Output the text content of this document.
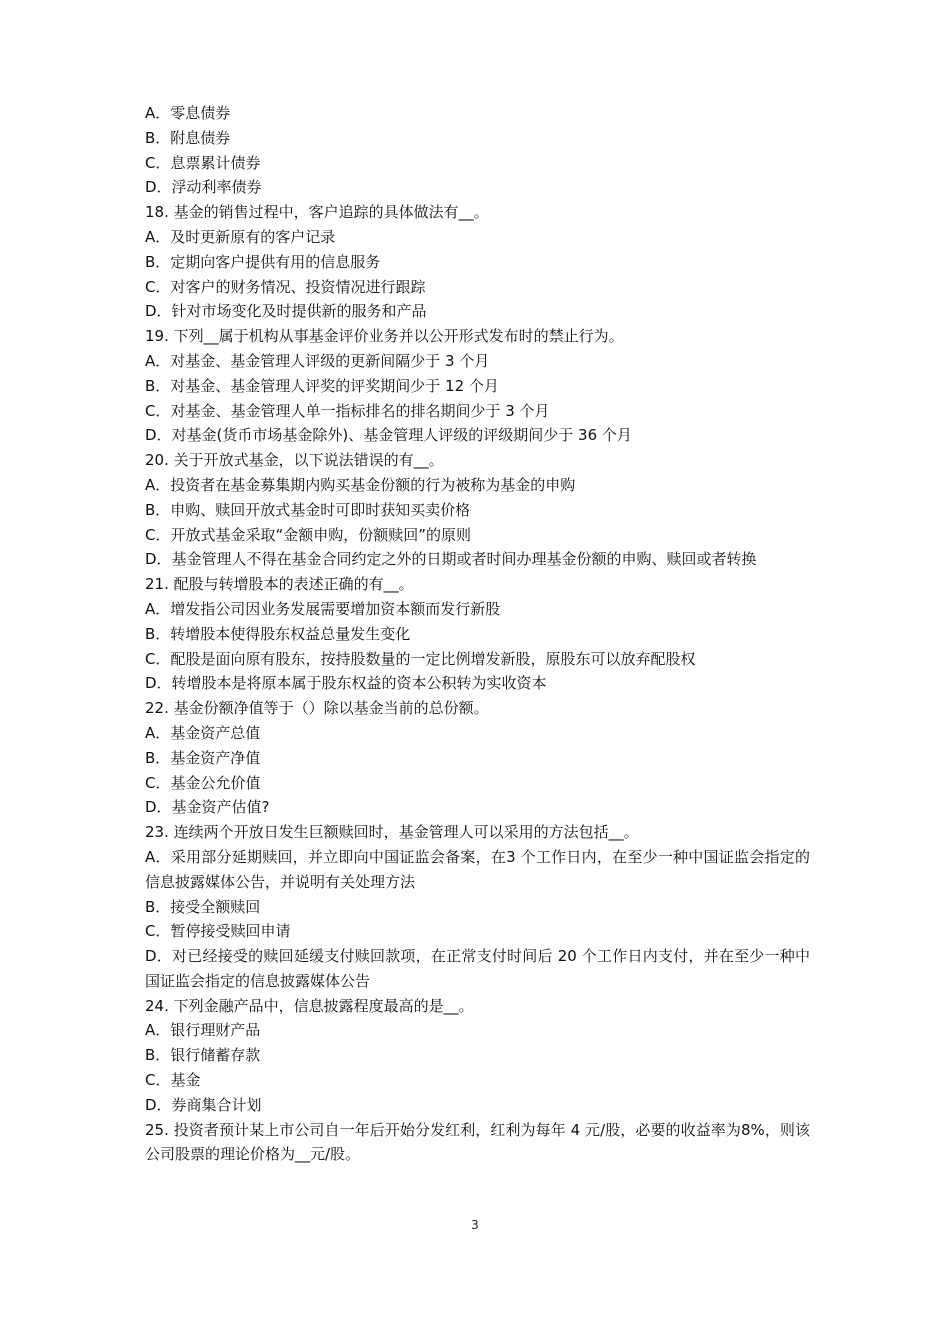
A．零息债券
B．附息债券
C．息票累计债券
D．浮动利率债券
18. 基金的销售过程中，客户追踪的具体做法有__。
A．及时更新原有的客户记录
B．定期向客户提供有用的信息服务
C．对客户的财务情况、投资情况进行跟踪
D．针对市场变化及时提供新的服务和产品
19. 下列__属于机构从事基金评价业务并以公开形式发布时的禁止行为。
A．对基金、基金管理人评级的更新间隔少于 3 个月
B．对基金、基金管理人评奖的评奖期间少于 12 个月
C．对基金、基金管理人单一指标排名的排名期间少于 3 个月
D．对基金(货币市场基金除外)、基金管理人评级的评级期间少于 36 个月
20. 关于开放式基金，以下说法错误的有__。
A．投资者在基金募集期内购买基金份额的行为被称为基金的申购
B．申购、赎回开放式基金时可即时获知买卖价格
C．开放式基金采取“金额申购，份额赎回”的原则
D．基金管理人不得在基金合同约定之外的日期或者时间办理基金份额的申购、赎回或者转换
21. 配股与转增股本的表述正确的有__。
A．增发指公司因业务发展需要增加资本额而发行新股
B．转增股本使得股东权益总量发生变化
C．配股是面向原有股东，按持股数量的一定比例增发新股，原股东可以放弃配股权
D．转增股本是将原本属于股东权益的资本公积转为实收资本
22. 基金份额净值等于（）除以基金当前的总份额。
A．基金资产总值
B．基金资产净值
C．基金公允价值
D．基金资产估值?
23. 连续两个开放日发生巨额赎回时，基金管理人可以采用的方法包括__。
A．采用部分延期赎回，并立即向中国证监会备案，在3 个工作日内，在至少一种中国证监会指定的信息披露媒体公告，并说明有关处理方法
B．接受全额赎回
C．暂停接受赎回申请
D．对已经接受的赎回延缓支付赎回款项，在正常支付时间后 20 个工作日内支付，并在至少一种中国证监会指定的信息披露媒体公告
24. 下列金融产品中，信息披露程度最高的是__。
A．银行理财产品
B．银行储蓄存款
C．基金
D．券商集合计划
25. 投资者预计某上市公司自一年后开始分发红利，红利为每年 4 元/股，必要的收益率为8%，则该公司股票的理论价格为__元/股。
3
